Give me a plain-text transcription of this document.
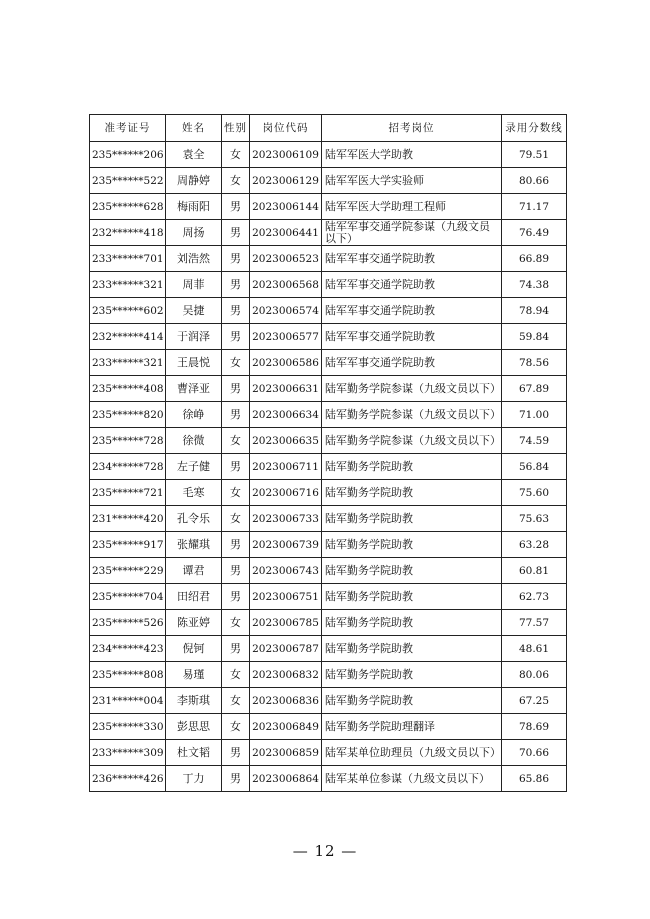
准考证号	姓名	性别	岗位代码	招考岗位	录用分数线
235******206	袁全	女	2023006109	陆军军医大学助教	79.51
235******522	周静婷	女	2023006129	陆军军医大学实验师	80.66
235******628	梅雨阳	男	2023006144	陆军军医大学助理工程师	71.17
232******418	周扬	男	2023006441	陆军军事交通学院参谋（九级文员以下）	76.49
233******701	刘浩然	男	2023006523	陆军军事交通学院助教	66.89
233******321	周菲	男	2023006568	陆军军事交通学院助教	74.38
235******602	吴捷	男	2023006574	陆军军事交通学院助教	78.94
232******414	于润泽	男	2023006577	陆军军事交通学院助教	59.84
233******321	王晨悦	女	2023006586	陆军军事交通学院助教	78.56
235******408	曹泽亚	男	2023006631	陆军勤务学院参谋（九级文员以下）	67.89
235******820	徐峥	男	2023006634	陆军勤务学院参谋（九级文员以下）	71.00
235******728	徐微	女	2023006635	陆军勤务学院参谋（九级文员以下）	74.59
234******728	左子健	男	2023006711	陆军勤务学院助教	56.84
235******721	毛寒	女	2023006716	陆军勤务学院助教	75.60
231******420	孔令乐	女	2023006733	陆军勤务学院助教	75.63
235******917	张耀琪	男	2023006739	陆军勤务学院助教	63.28
235******229	谭君	男	2023006743	陆军勤务学院助教	60.81
235******704	田绍君	男	2023006751	陆军勤务学院助教	62.73
235******526	陈亚婷	女	2023006785	陆军勤务学院助教	77.57
234******423	倪钶	男	2023006787	陆军勤务学院助教	48.61
235******808	易瑾	女	2023006832	陆军勤务学院助教	80.06
231******004	李斯琪	女	2023006836	陆军勤务学院助教	67.25
235******330	彭思思	女	2023006849	陆军勤务学院助理翻译	78.69
233******309	杜文韬	男	2023006859	陆军某单位助理员（九级文员以下）	70.66
236******426	丁力	男	2023006864	陆军某单位参谋（九级文员以下）	65.86
— 12 —
